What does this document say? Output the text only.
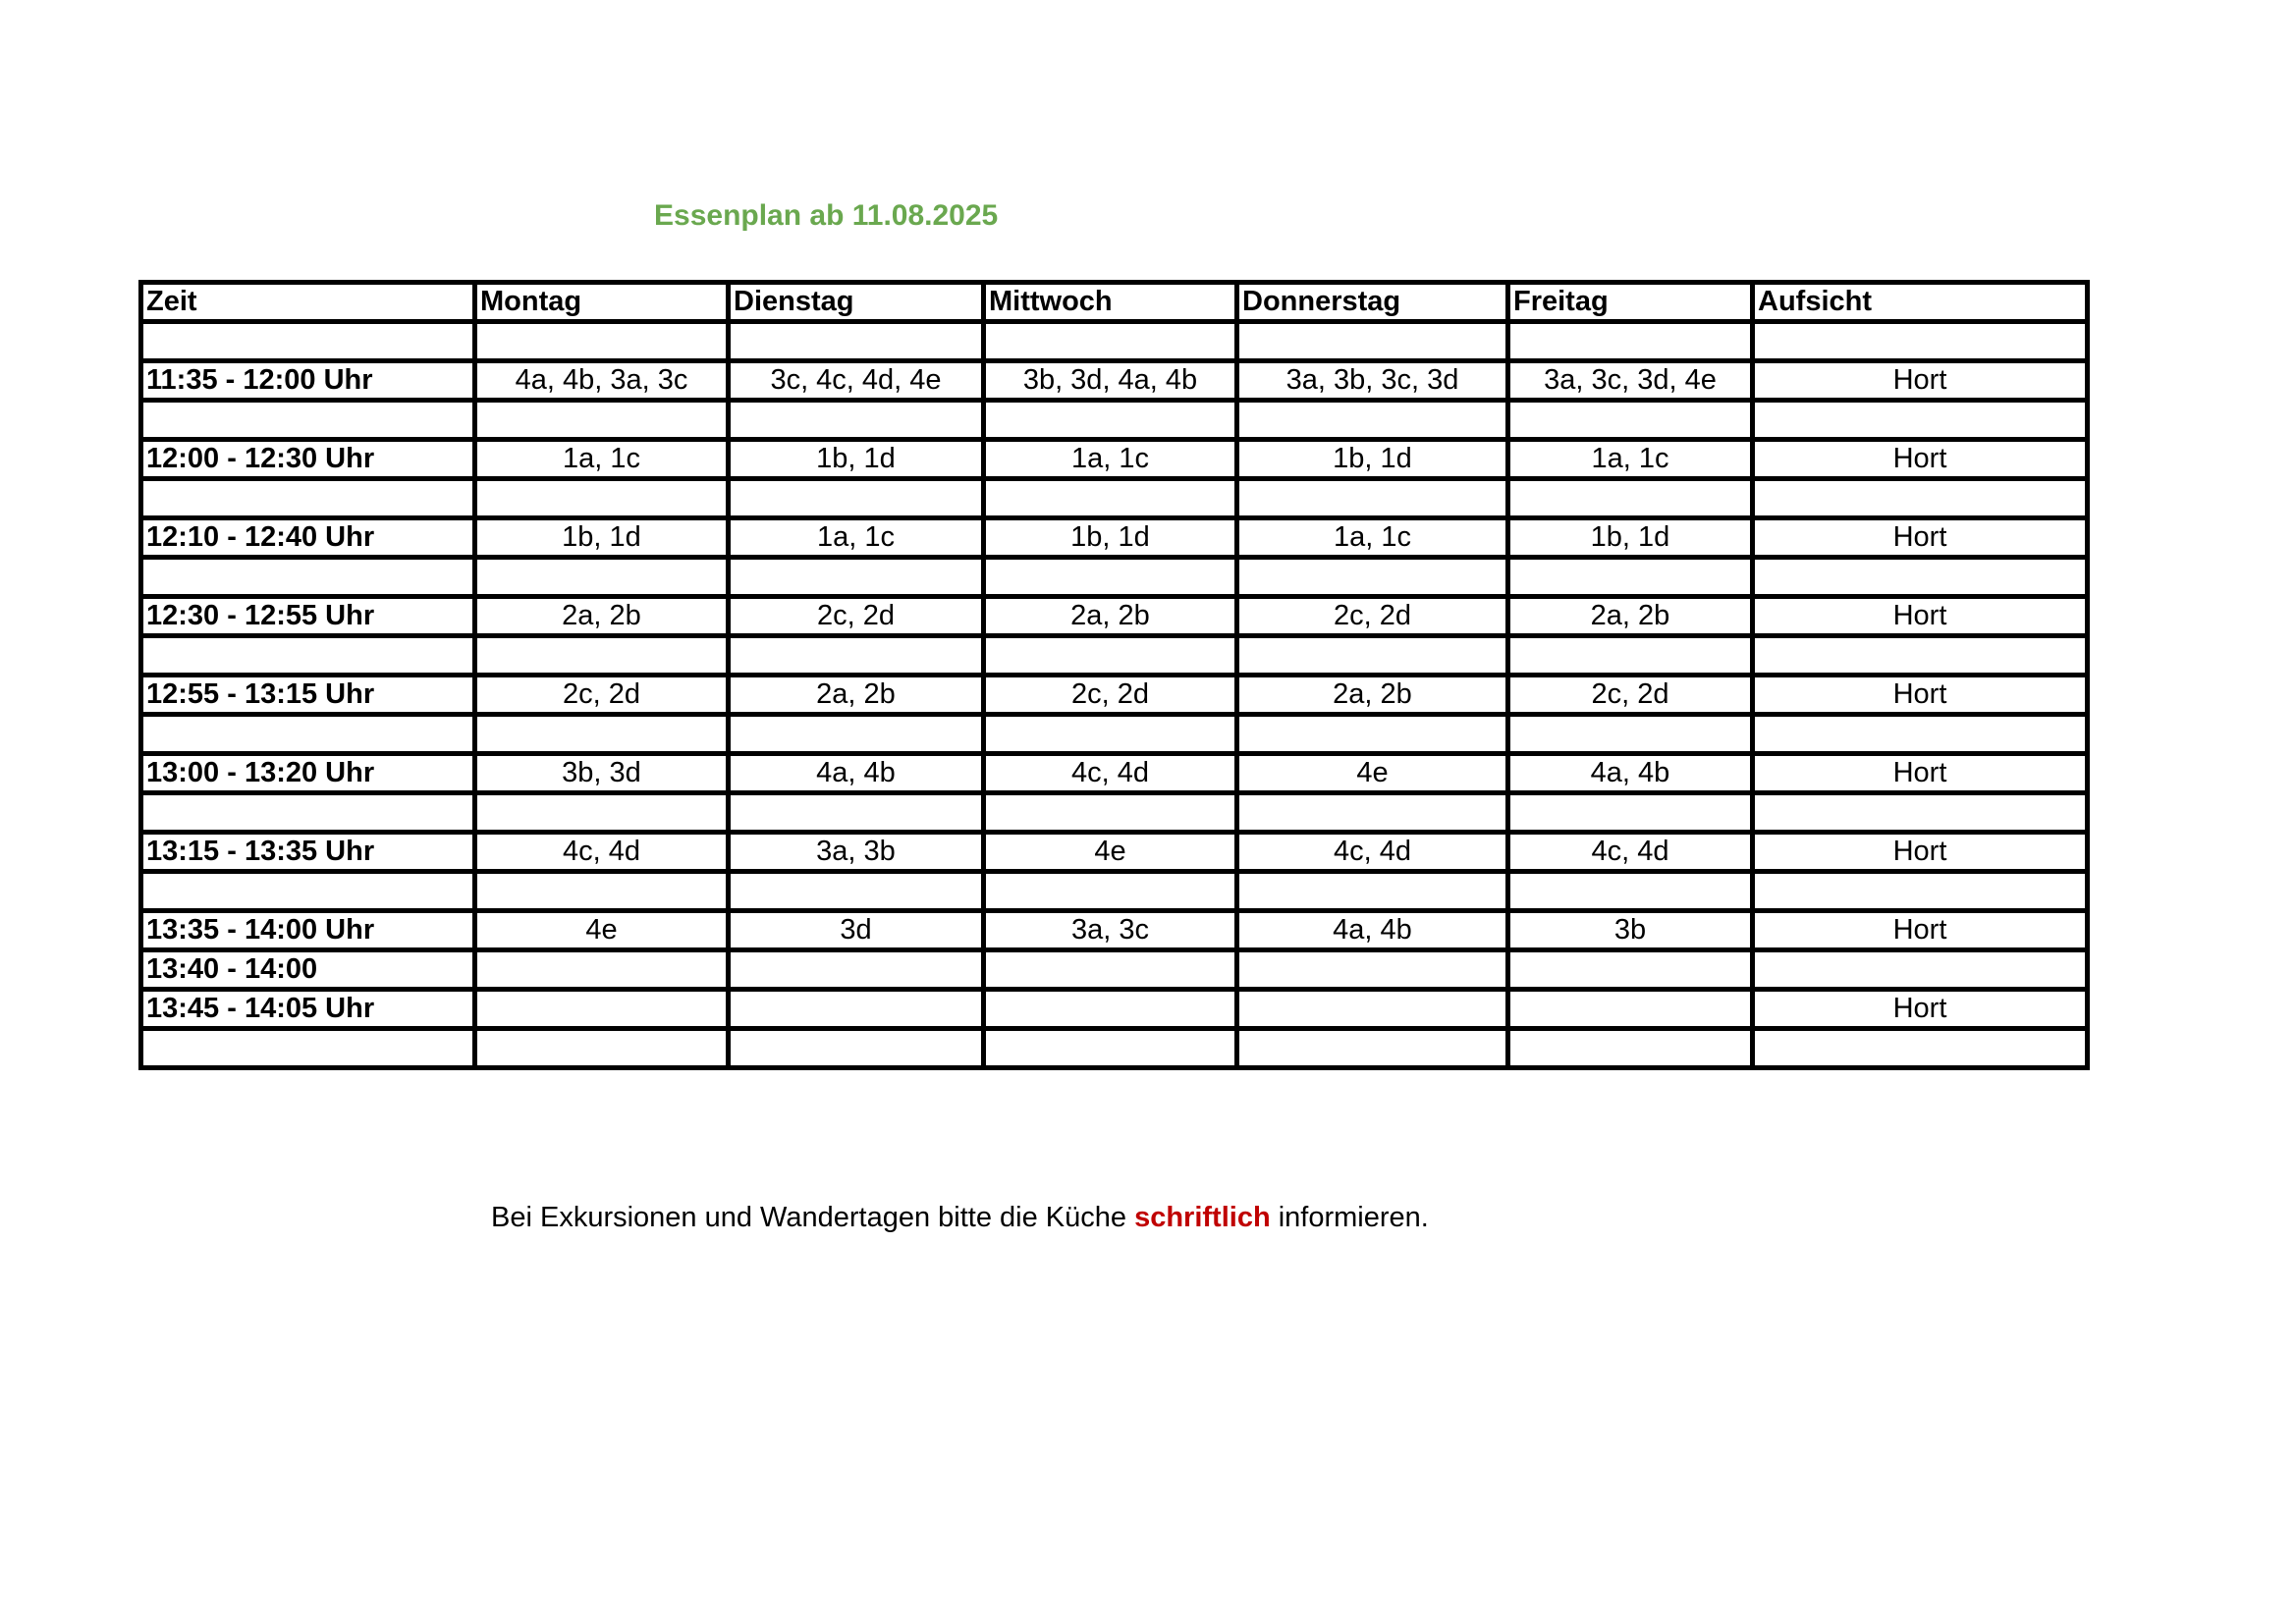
Essenplan ab 11.08.2025
Zeit	Montag	Dienstag	Mittwoch	Donnerstag	Freitag	Aufsicht

11:35 - 12:00 Uhr	4a, 4b, 3a, 3c	3c, 4c, 4d, 4e	3b, 3d, 4a, 4b	3a, 3b, 3c, 3d	3a, 3c, 3d, 4e	Hort

12:00 - 12:30 Uhr	1a, 1c	1b, 1d	1a, 1c	1b, 1d	1a, 1c	Hort

12:10 - 12:40 Uhr	1b, 1d	1a, 1c	1b, 1d	1a, 1c	1b, 1d	Hort

12:30 - 12:55 Uhr	2a, 2b	2c, 2d	2a, 2b	2c, 2d	2a, 2b	Hort

12:55 - 13:15 Uhr	2c, 2d	2a, 2b	2c, 2d	2a, 2b	2c, 2d	Hort

13:00 - 13:20 Uhr	3b, 3d	4a, 4b	4c, 4d	4e	4a, 4b	Hort

13:15 - 13:35 Uhr	4c, 4d	3a, 3b	4e	4c, 4d	4c, 4d	Hort

13:35 - 14:00 Uhr	4e	3d	3a, 3c	4a, 4b	3b	Hort
13:40 - 14:00						
13:45 - 14:05 Uhr						Hort

Bei Exkursionen und Wandertagen bitte die Küche schriftlich informieren.
